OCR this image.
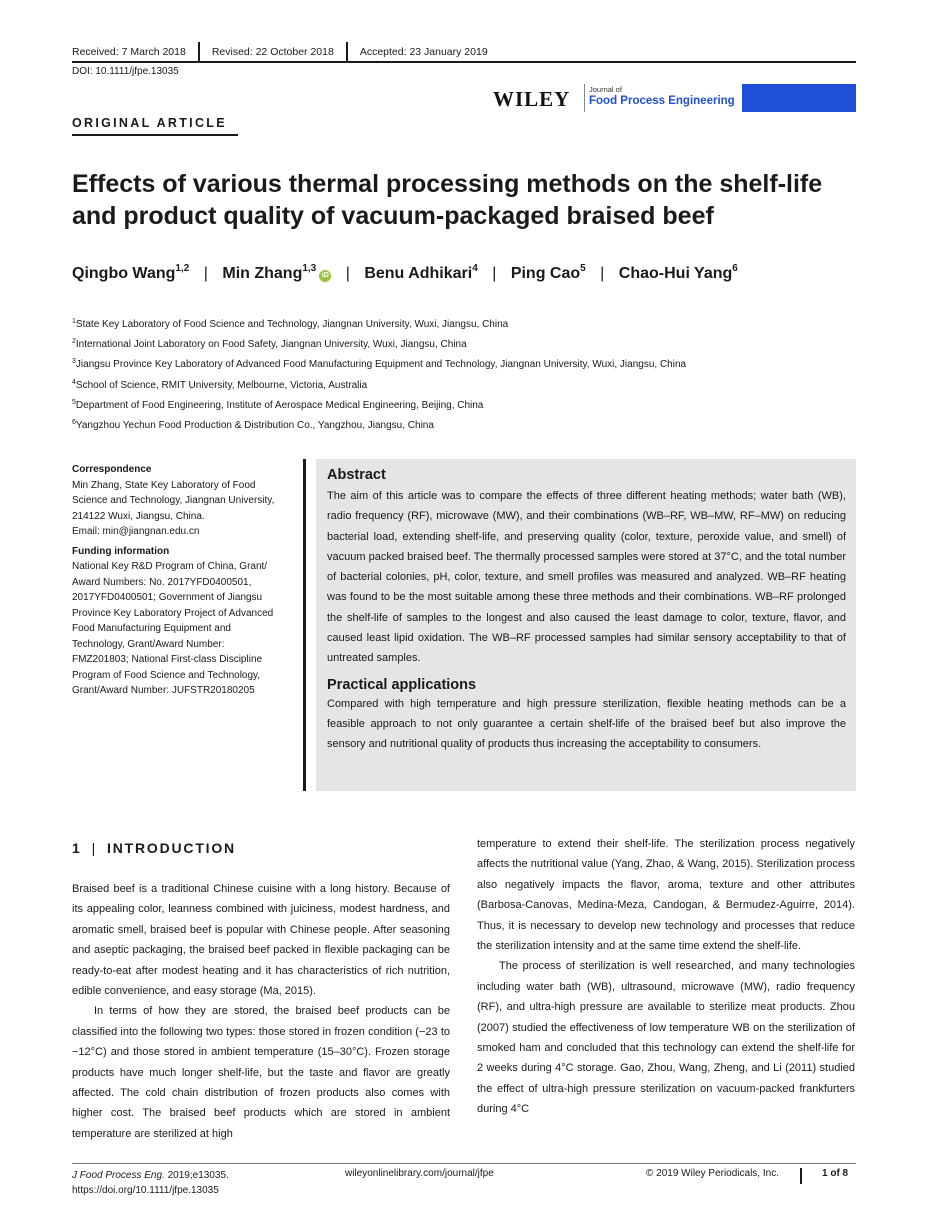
Received: 7 March 2018	Revised: 22 October 2018	Accepted: 23 January 2019
DOI: 10.1111/jfpe.13035
WILEY Journal of
Food Process Engineering
ORIGINAL ARTICLE
Effects of various thermal processing methods on the shelf-life and product quality of vacuum-packaged braised beef
Qingbo Wang$^{1,2}$ | Min Zhang$^{1,3}$iD | Benu Adhikari$^4$ | Ping Cao$^5$ | Chao-Hui Yang$^6$
$^1$State Key Laboratory of Food Science and Technology, Jiangnan University, Wuxi, Jiangsu, China
$^2$International Joint Laboratory on Food Safety, Jiangnan University, Wuxi, Jiangsu, China
$^3$Jiangsu Province Key Laboratory of Advanced Food Manufacturing Equipment and Technology, Jiangnan University, Wuxi, Jiangsu, China
$^4$School of Science, RMIT University, Melbourne, Victoria, Australia
$^5$Department of Food Engineering, Institute of Aerospace Medical Engineering, Beijing, China
$^6$Yangzhou Yechun Food Production & Distribution Co., Yangzhou, Jiangsu, China
Correspondence
Min Zhang, State Key Laboratory of Food
Science and Technology, Jiangnan University,
214122 Wuxi, Jiangsu, China.
Email: min@jiangnan.edu.cn
Funding information
National Key R&D Program of China, Grant/
Award Numbers: No. 2017YFD0400501,
2017YFD0400501; Government of Jiangsu
Province Key Laboratory Project of Advanced
Food Manufacturing Equipment and
Technology, Grant/Award Number:
FMZ201803; National First-class Discipline
Program of Food Science and Technology,
Grant/Award Number: JUFSTR20180205
Abstract

The aim of this article was to compare the effects of three different heating methods; water bath (WB), radio frequency (RF), microwave (MW), and their combinations (WB–RF, WB–MW, RF–MW) on reducing bacterial load, extending shelf-life, and preserving quality (color, texture, peroxide value, and smell) of vacuum packed braised beef. The thermally processed samples were stored at 37°C, and the total number of bacterial colonies, pH, color, texture, and smell profiles was measured and analyzed. WB–RF heating was found to be the most suitable among these three methods and their combinations. WB–RF prolonged the shelf-life of samples to the longest and also caused the least damage to color, texture, flavor, and caused least lipid oxidation. The WB–RF processed samples had similar sensory acceptability to that of untreated samples.

Practical applications

Compared with high temperature and high pressure sterilization, flexible heating methods can be a feasible approach to not only guarantee a certain shelf-life of the braised beef but also improve the sensory and nutritional quality of products thus increasing the acceptability to consumers.

1 | INTRODUCTION

Braised beef is a traditional Chinese cuisine with a long history. Because of its appealing color, leanness combined with juiciness, modest hardness, and aromatic smell, braised beef is popular with Chinese people. After seasoning and aseptic packaging, the braised beef packed in flexible packaging can be ready-to-eat after modest heating and it has characteristics of rich nutrition, edible convenience, and easy storage (Ma, 2015).

In terms of how they are stored, the braised beef products can be classified into the following two types: those stored in frozen condition (−23 to −12°C) and those stored in ambient temperature (15–30°C). Frozen storage products have much longer shelf-life, but the taste and flavor are greatly affected. The cold chain distribution of frozen products also comes with higher cost. The braised beef products which are stored in ambient temperature are sterilized at high

temperature to extend their shelf-life. The sterilization process negatively affects the nutritional value (Yang, Zhao, & Wang, 2015). Sterilization process also negatively impacts the flavor, aroma, texture and other attributes (Barbosa-Canovas, Medina-Meza, Candogan, & Bermudez-Aguirre, 2014). Thus, it is necessary to develop new technology and processes that reduce the sterilization intensity and at the same time extend the shelf-life.

The process of sterilization is well researched, and many technologies including water bath (WB), ultrasound, microwave (MW), radio frequency (RF), and ultra-high pressure are available to sterilize meat products. Zhou (2007) studied the effectiveness of low temperature WB on the sterilization of smoked ham and concluded that this technology can extend the shelf-life for 2 weeks during 4°C storage. Gao, Zhou, Wang, Zheng, and Li (2011) studied the effect of ultra-high pressure sterilization on vacuum-packed frankfurters during 4°C

J Food Process Eng. 2019;e13035.
https://doi.org/10.1111/jfpe.13035
wileyonlinelibrary.com/journal/jfpe	© 2019 Wiley Periodicals, Inc.	1 of 8
